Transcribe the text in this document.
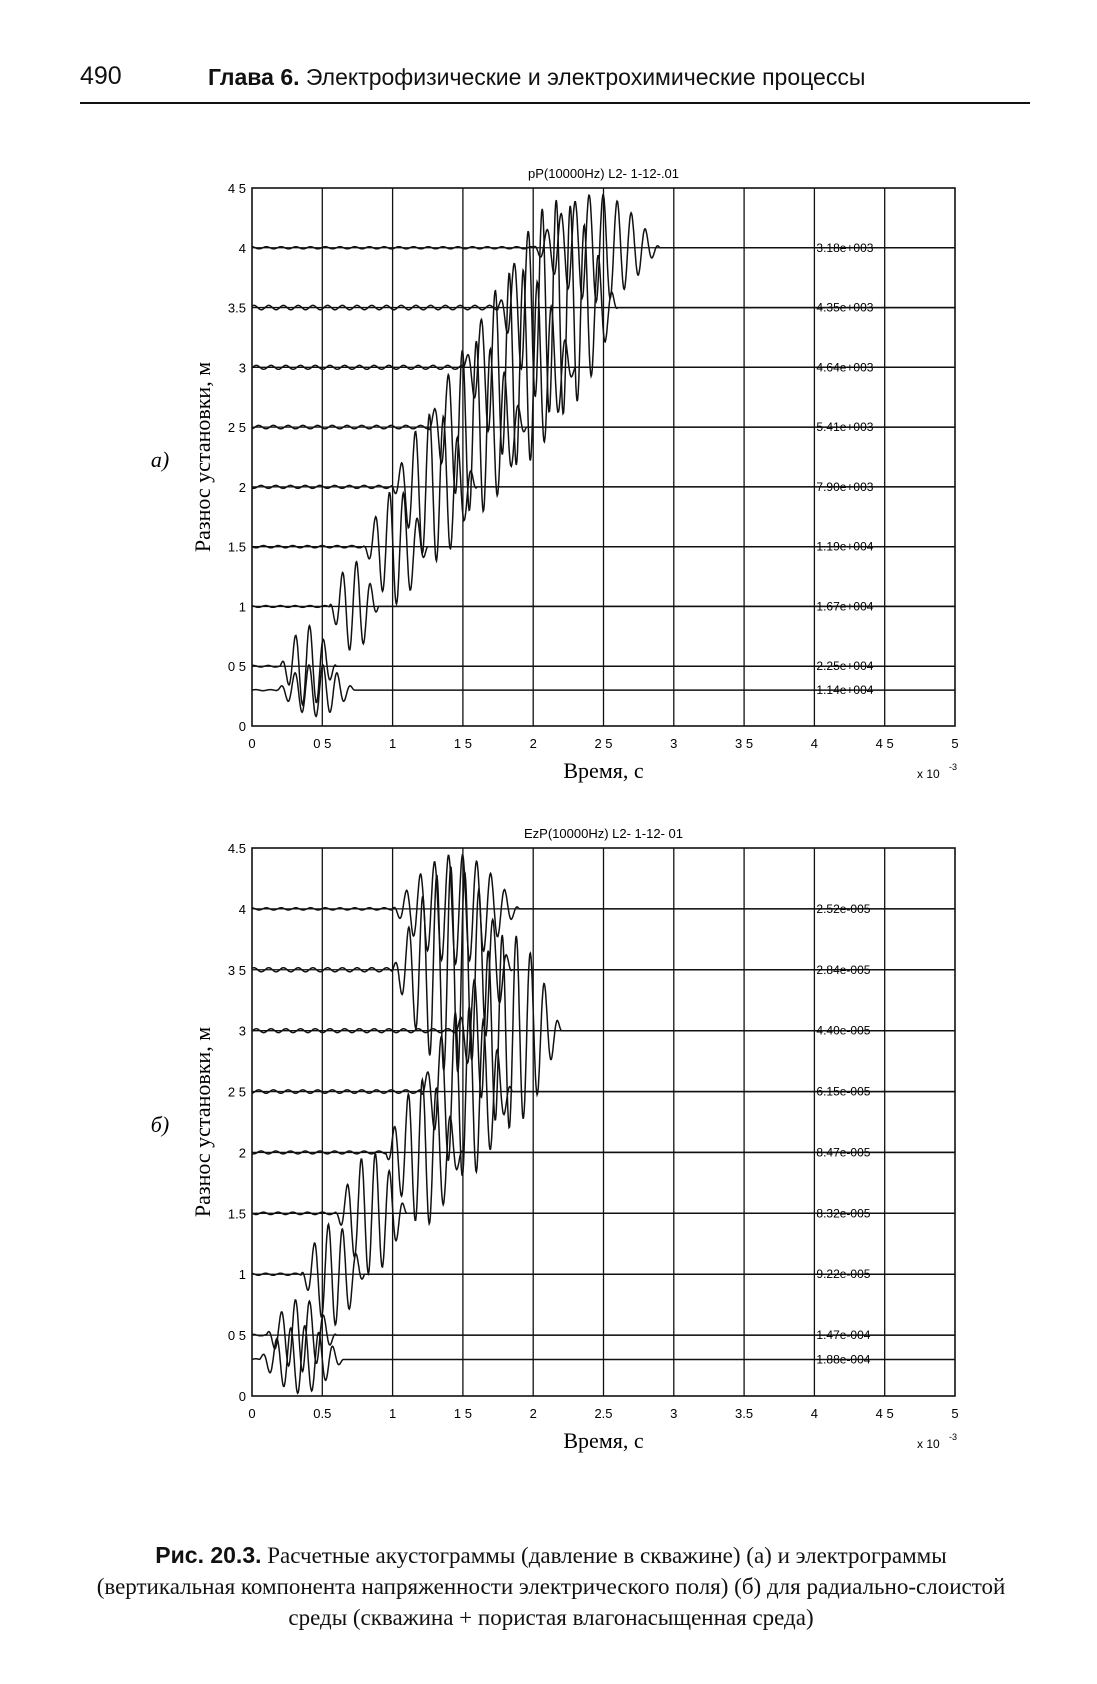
490	Глава 6. Электрофизические и электрохимические процессы
pP(10000Hz) L2- 1-12-.01
0	0 5	1	1 5	2	2 5	3	3 5	4	4 5	5
0
0 5
1
1.5
2
2 5
3
3.5
4
4 5
Время, с
Разнос установки, м
а)
x 10 -3
1.14e+004
2.25e+004
1.67e+004
1.19e+004
7.90e+003
5.41e+003
4.64e+003
4.35e+003
3.18e+003
EzP(10000Hz) L2- 1-12- 01
0	0.5	1	1 5	2	2.5	3	3.5	4	4 5	5
0
0 5
1
1.5
2
2 5
3
3 5
4
4.5
Время, с
Разнос установки, м
б)
x 10 -3
1.88e-004
1.47e-004
9.22e-005
8.32e-005
8.47e-005
6.15e-005
4.40e-005
2.84e-005
2.52e-005
Рис. 20.3. Расчетные акустограммы (давление в скважине) (а) и электрограммы (вертикальная компонента напряженности электрического поля) (б) для радиально-слоистой среды (скважина + пористая влагонасыщенная среда)
